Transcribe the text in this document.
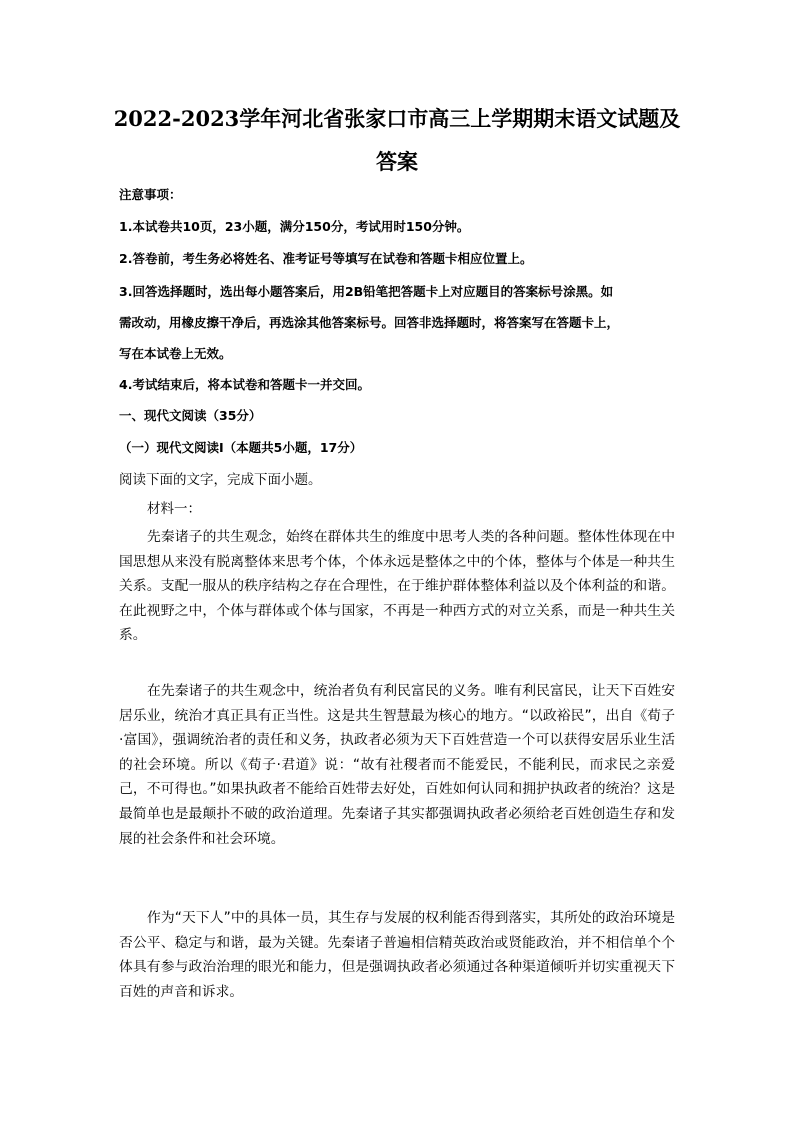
2022-2023学年河北省张家口市高三上学期期末语文试题及
答案
注意事项：
1.本试卷共10页，23小题，满分150分，考试用时150分钟。
2.答卷前，考生务必将姓名、准考证号等填写在试卷和答题卡相应位置上。
3.回答选择题时，选出每小题答案后，用2B铅笔把答题卡上对应题目的答案标号涂黑。如
需改动，用橡皮擦干净后，再选涂其他答案标号。回答非选择题时，将答案写在答题卡上，
写在本试卷上无效。
4.考试结束后，将本试卷和答题卡一并交回。
一、现代文阅读（35分）
（一）现代文阅读Ⅰ（本题共5小题，17分）
阅读下面的文字，完成下面小题。
材料一：

先秦诸子的共生观念，始终在群体共生的维度中思考人类的各种问题。整体性体现在中国思想从来没有脱离整体来思考个体，个体永远是整体之中的个体，整体与个体是一种共生关系。支配一服从的秩序结构之存在合理性，在于维护群体整体利益以及个体利益的和谐。在此视野之中，个体与群体或个体与国家，不再是一种西方式的对立关系，而是一种共生关系。

在先秦诸子的共生观念中，统治者负有利民富民的义务。唯有利民富民，让天下百姓安居乐业，统治才真正具有正当性。这是共生智慧最为核心的地方。“以政裕民”，出自《荀子·富国》，强调统治者的责任和义务，执政者必须为天下百姓营造一个可以获得安居乐业生活的社会环境。所以《荀子·君道》说：“故有社稷者而不能爱民，不能利民，而求民之亲爱己，不可得也。”如果执政者不能给百姓带去好处，百姓如何认同和拥护执政者的统治？这是最简单也是最颠扑不破的政治道理。先秦诸子其实都强调执政者必须给老百姓创造生存和发展的社会条件和社会环境。

作为“天下人”中的具体一员，其生存与发展的权利能否得到落实，其所处的政治环境是否公平、稳定与和谐，最为关键。先秦诸子普遍相信精英政治或贤能政治，并不相信单个个体具有参与政治治理的眼光和能力，但是强调执政者必须通过各种渠道倾听并切实重视天下百姓的声音和诉求。
